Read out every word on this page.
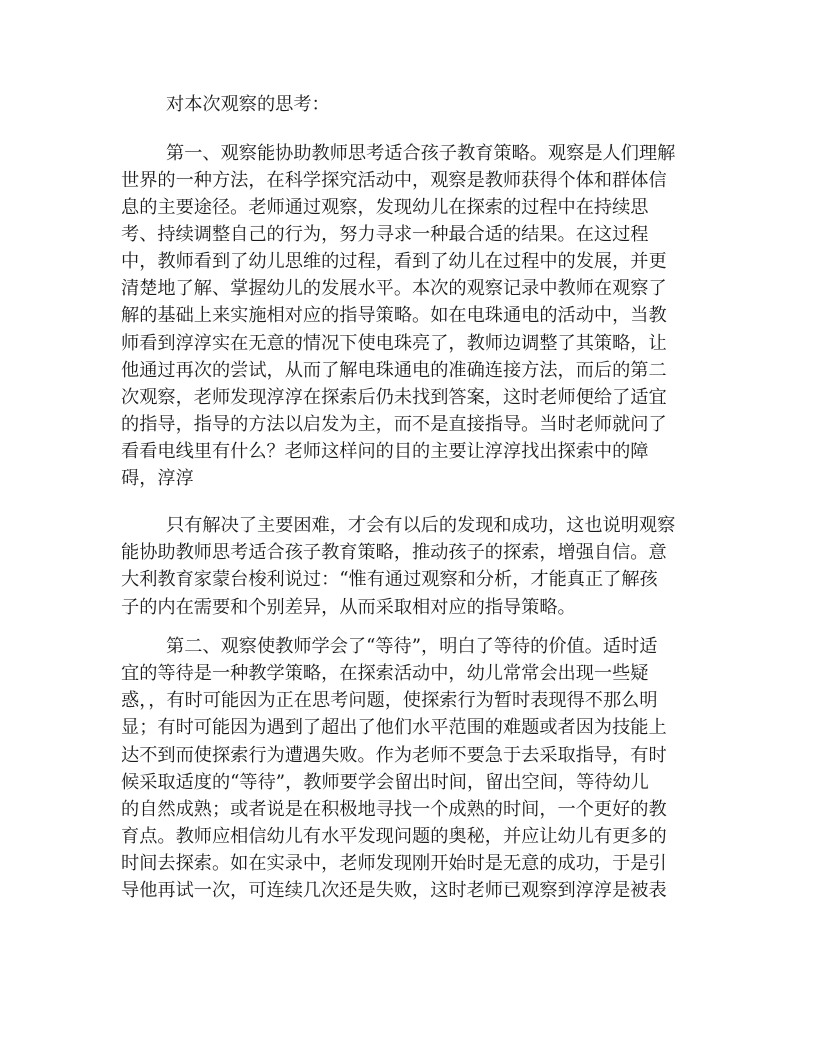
对本次观察的思考：

第一、观察能协助教师思考适合孩子教育策略。观察是人们理解

世界的一种方法，在科学探究活动中，观察是教师获得个体和群体信

息的主要途径。老师通过观察，发现幼儿在探索的过程中在持续思

考、持续调整自己的行为，努力寻求一种最合适的结果。在这过程

中，教师看到了幼儿思维的过程，看到了幼儿在过程中的发展，并更

清楚地了解、掌握幼儿的发展水平。本次的观察记录中教师在观察了

解的基础上来实施相对应的指导策略。如在电珠通电的活动中，当教

师看到淳淳实在无意的情况下使电珠亮了，教师边调整了其策略，让

他通过再次的尝试，从而了解电珠通电的准确连接方法，而后的第二

次观察，老师发现淳淳在探索后仍未找到答案，这时老师便给了适宜

的指导，指导的方法以启发为主，而不是直接指导。当时老师就问了

看看电线里有什么？老师这样问的目的主要让淳淳找出探索中的障

碍，淳淳

只有解决了主要困难，才会有以后的发现和成功，这也说明观察

能协助教师思考适合孩子教育策略，推动孩子的探索，增强自信。意

大利教育家蒙台梭利说过：“惟有通过观察和分析，才能真正了解孩

子的内在需要和个别差异，从而采取相对应的指导策略。

第二、观察使教师学会了“等待”，明白了等待的价值。适时适

宜的等待是一种教学策略，在探索活动中，幼儿常常会出现一些疑

惑，，有时可能因为正在思考问题，使探索行为暂时表现得不那么明

显；有时可能因为遇到了超出了他们水平范围的难题或者因为技能上

达不到而使探索行为遭遇失败。作为老师不要急于去采取指导，有时

候采取适度的“等待”，教师要学会留出时间，留出空间，等待幼儿

的自然成熟；或者说是在积极地寻找一个成熟的时间，一个更好的教

育点。教师应相信幼儿有水平发现问题的奥秘，并应让幼儿有更多的

时间去探索。如在实录中，老师发现刚开始时是无意的成功，于是引

导他再试一次，可连续几次还是失败，这时老师已观察到淳淳是被表
